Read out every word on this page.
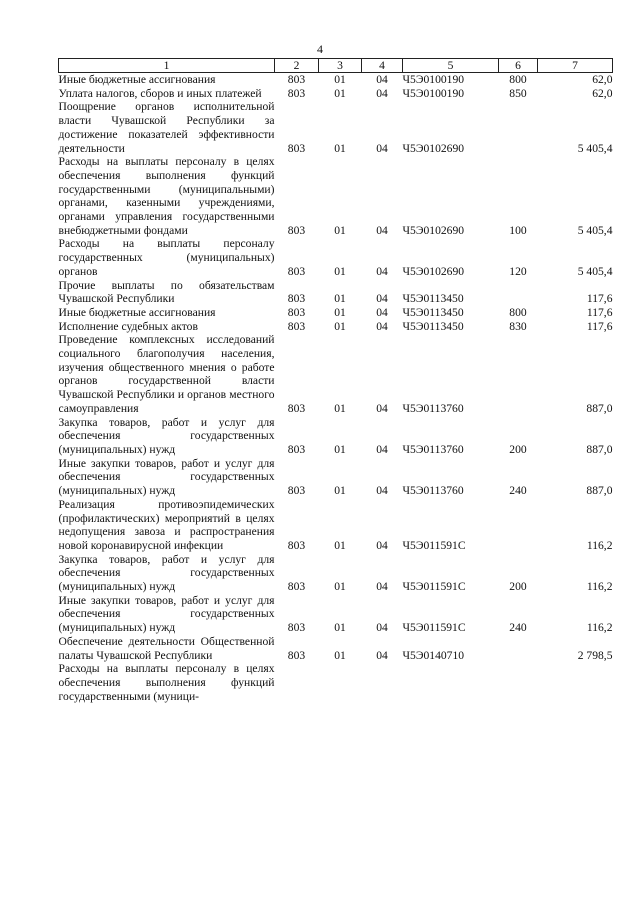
4
1	2	3	4	5	6	7
Иные бюджетные ассигнования	803	01	04	Ч5Э0100190	800	62,0
Уплата налогов, сборов и иных платежей	803	01	04	Ч5Э0100190	850	62,0
Поощрение органов исполнительной власти Чувашской Республики за достижение показателей эффективности деятельности	803	01	04	Ч5Э0102690		5 405,4
Расходы на выплаты персоналу в целях обеспечения выполнения функций государственными (муниципальными) органами, казенными учреждениями, органами управления государственными внебюджетными фондами	803	01	04	Ч5Э0102690	100	5 405,4
Расходы на выплаты персоналу государственных (муниципальных) органов	803	01	04	Ч5Э0102690	120	5 405,4
Прочие выплаты по обязательствам Чувашской Республики	803	01	04	Ч5Э0113450		117,6
Иные бюджетные ассигнования	803	01	04	Ч5Э0113450	800	117,6
Исполнение судебных актов	803	01	04	Ч5Э0113450	830	117,6
Проведение комплексных исследований социального благополучия населения, изучения общественного мнения о работе органов государственной власти Чувашской Республики и органов местного самоуправления	803	01	04	Ч5Э0113760		887,0
Закупка товаров, работ и услуг для обеспечения государственных (муниципальных) нужд	803	01	04	Ч5Э0113760	200	887,0
Иные закупки товаров, работ и услуг для обеспечения государственных (муниципальных) нужд	803	01	04	Ч5Э0113760	240	887,0
Реализация противоэпидемических (профилактических) мероприятий в целях недопущения завоза и распространения новой коронавирусной инфекции	803	01	04	Ч5Э011591С		116,2
Закупка товаров, работ и услуг для обеспечения государственных (муниципальных) нужд	803	01	04	Ч5Э011591С	200	116,2
Иные закупки товаров, работ и услуг для обеспечения государственных (муниципальных) нужд	803	01	04	Ч5Э011591С	240	116,2
Обеспечение деятельности Общественной палаты Чувашской Республики	803	01	04	Ч5Э0140710		2 798,5
Расходы на выплаты персоналу в целях обеспечения выполнения функций государственными (муници-						
